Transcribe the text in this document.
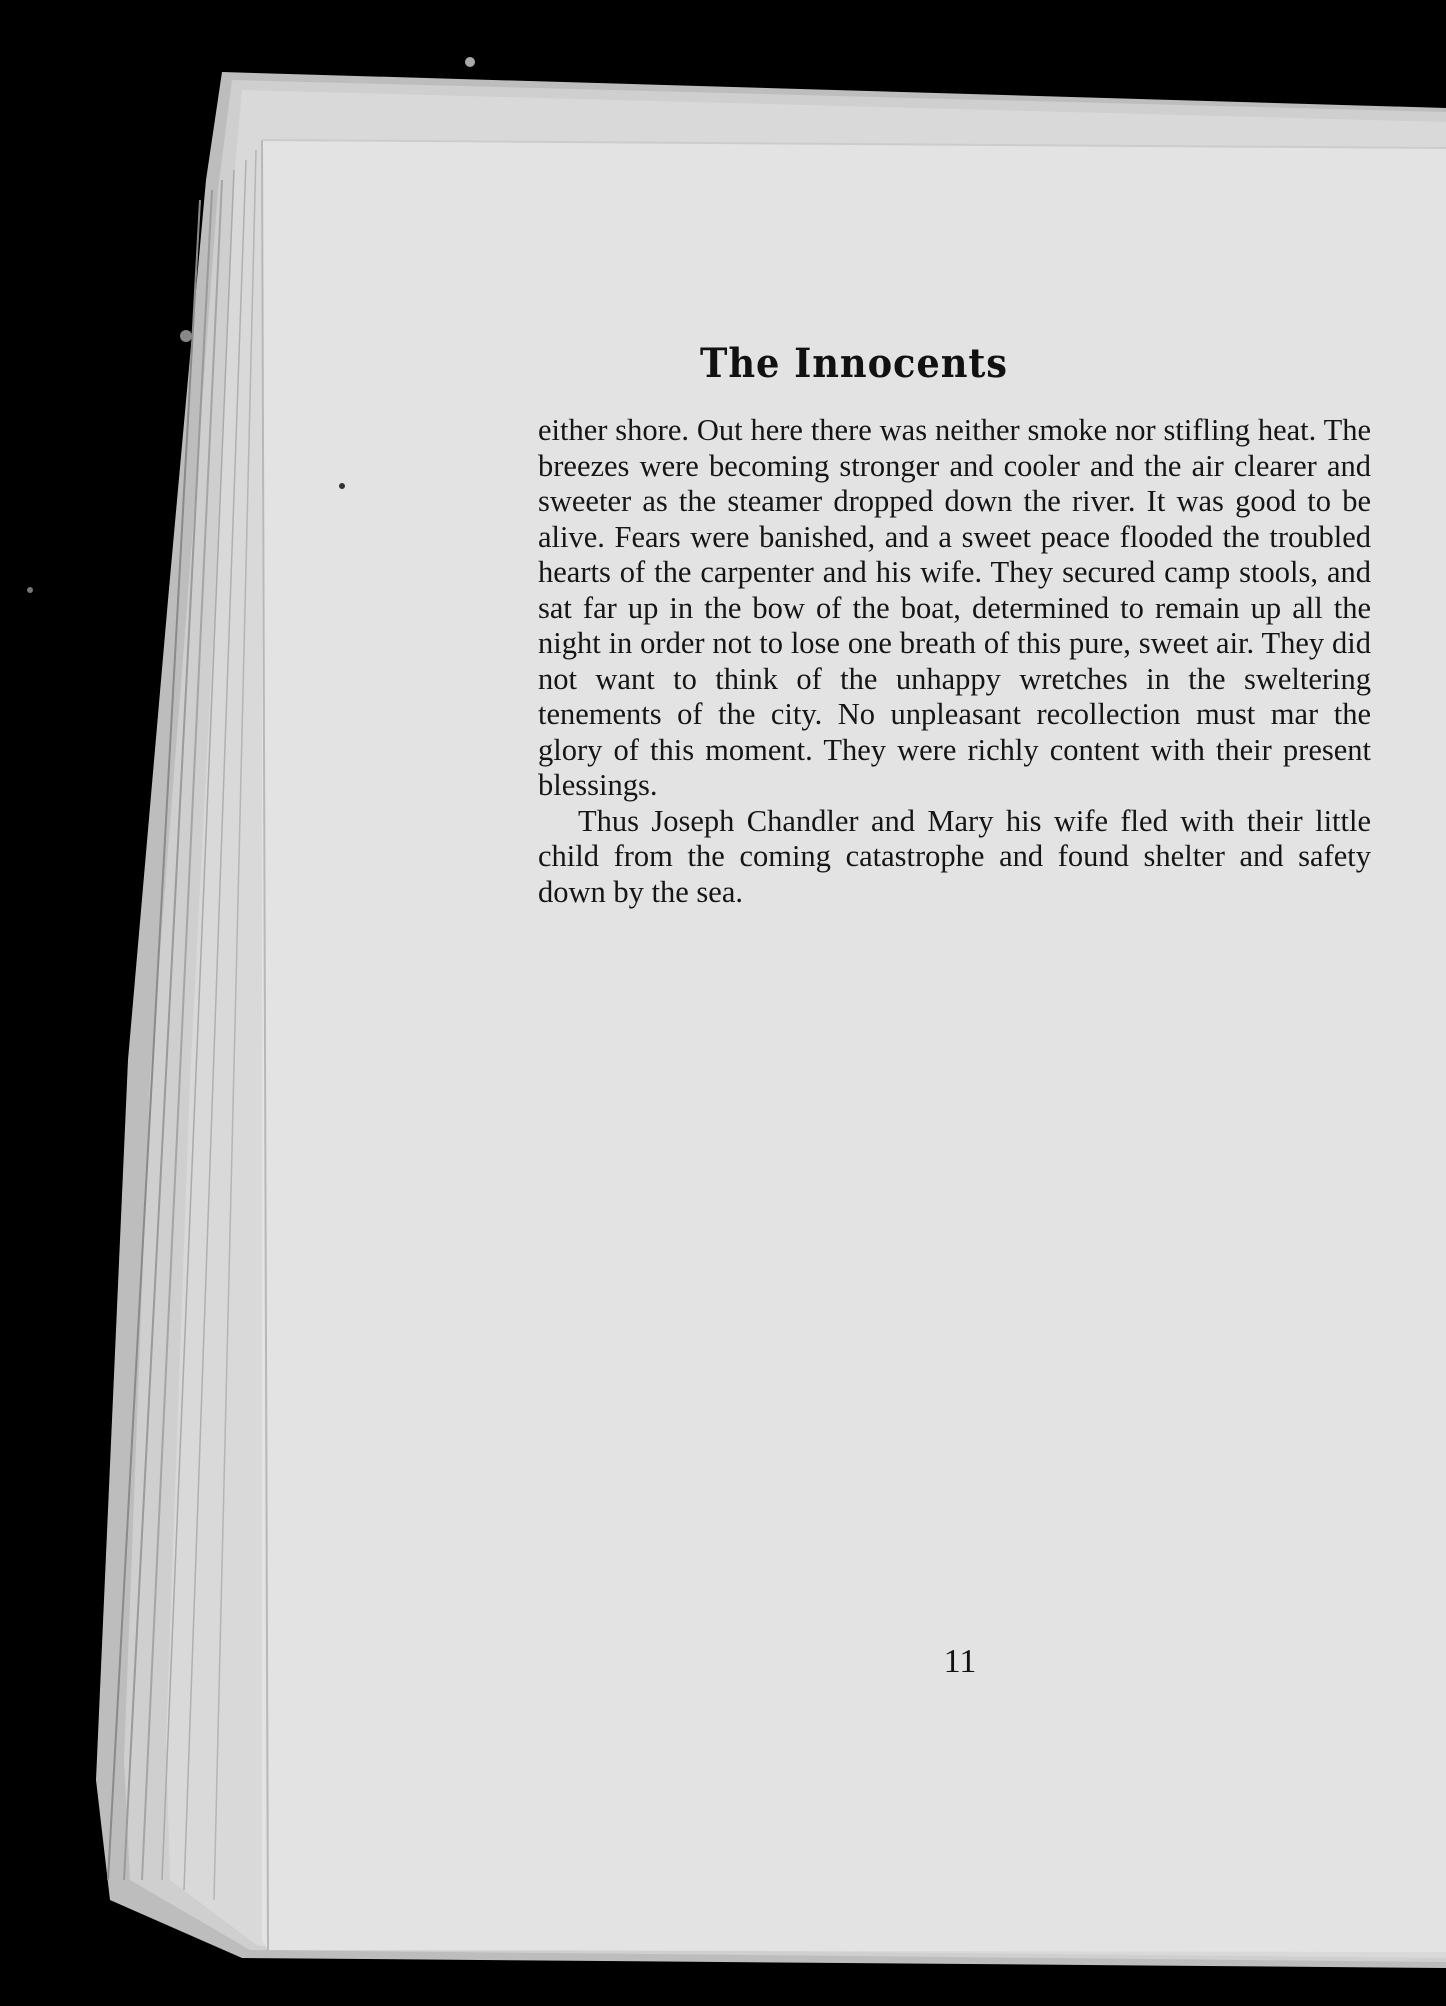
The Innocents

either shore. Out here there was neither smoke nor stifling heat. The breezes were becoming stronger and cooler and the air clearer and sweeter as the steamer dropped down the river. It was good to be alive. Fears were banished, and a sweet peace flooded the troubled hearts of the carpenter and his wife. They secured camp stools, and sat far up in the bow of the boat, determined to remain up all the night in order not to lose one breath of this pure, sweet air. They did not want to think of the unhappy wretches in the sweltering tenements of the city. No unpleasant recollection must mar the glory of this moment. They were richly content with their present blessings.

Thus Joseph Chandler and Mary his wife fled with their little child from the coming catastrophe and found shelter and safety down by the sea.

11
